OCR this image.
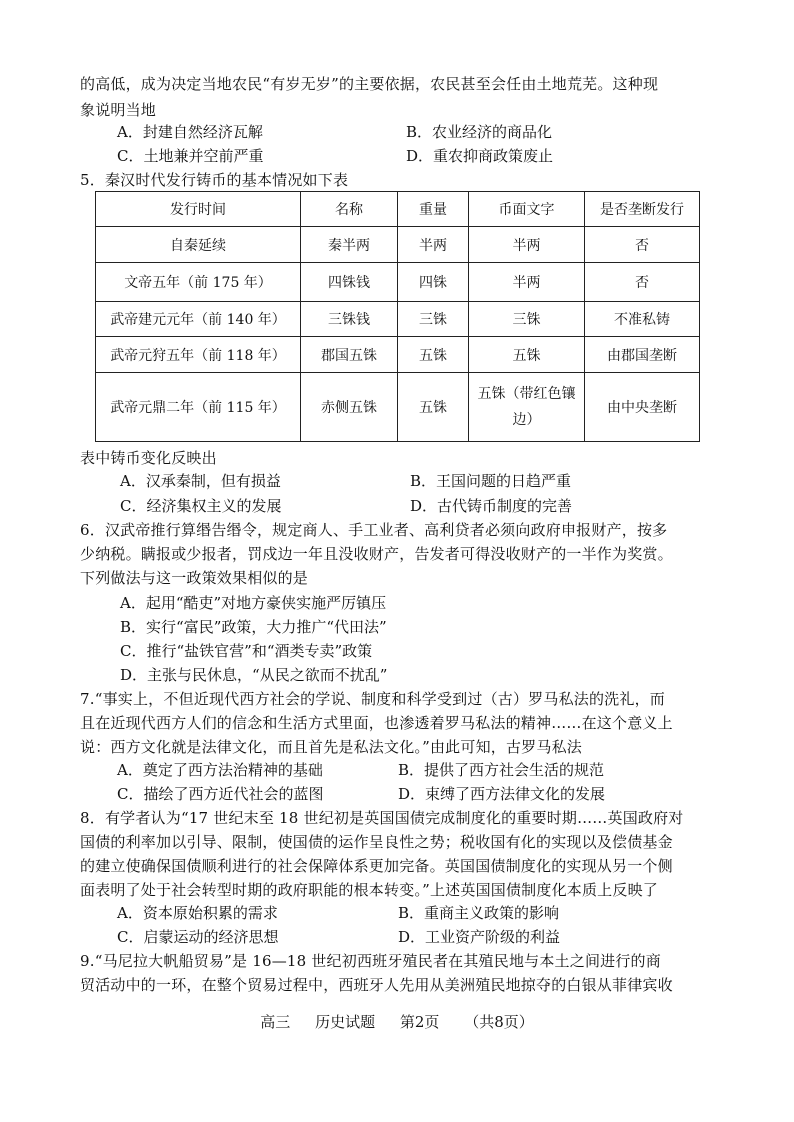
的高低，成为决定当地农民“有岁无岁”的主要依据，农民甚至会任由土地荒芜。这种现
象说明当地
A．封建自然经济瓦解	B．农业经济的商品化
C．土地兼并空前严重	D．重农抑商政策废止
5．秦汉时代发行铸币的基本情况如下表
发行时间	名称	重量	币面文字	是否垄断发行
自秦延续	秦半两	半两	半两	否
文帝五年（前 175 年）	四铢钱	四铢	半两	否
武帝建元元年（前 140 年）	三铢钱	三铢	三铢	不准私铸
武帝元狩五年（前 118 年）	郡国五铢	五铢	五铢	由郡国垄断
武帝元鼎二年（前 115 年）	赤侧五铢	五铢	五铢（带红色镶边）	由中央垄断
表中铸币变化反映出
A．汉承秦制，但有损益	B．王国问题的日趋严重
C．经济集权主义的发展	D．古代铸币制度的完善
6．汉武帝推行算缗告缗令，规定商人、手工业者、高利贷者必须向政府申报财产，按多
少纳税。瞒报或少报者，罚戍边一年且没收财产，告发者可得没收财产的一半作为奖赏。
下列做法与这一政策效果相似的是
A．起用“酷吏”对地方豪侠实施严厉镇压
B．实行“富民”政策，大力推广“代田法”
C．推行“盐铁官营”和“酒类专卖”政策
D．主张与民休息，“从民之欲而不扰乱”
7.“事实上，不但近现代西方社会的学说、制度和科学受到过（古）罗马私法的洗礼，而
且在近现代西方人们的信念和生活方式里面，也渗透着罗马私法的精神……在这个意义上
说：西方文化就是法律文化，而且首先是私法文化。”由此可知，古罗马私法
A．奠定了西方法治精神的基础	B．提供了西方社会生活的规范
C．描绘了西方近代社会的蓝图	D．束缚了西方法律文化的发展
8．有学者认为“17 世纪末至 18 世纪初是英国国债完成制度化的重要时期……英国政府对
国债的利率加以引导、限制，使国债的运作呈良性之势；税收国有化的实现以及偿债基金
的建立使确保国债顺利进行的社会保障体系更加完备。英国国债制度化的实现从另一个侧
面表明了处于社会转型时期的政府职能的根本转变。”上述英国国债制度化本质上反映了
A．资本原始积累的需求	B．重商主义政策的影响
C．启蒙运动的经济思想	D．工业资产阶级的利益
9.“马尼拉大帆船贸易”是 16—18 世纪初西班牙殖民者在其殖民地与本土之间进行的商
贸活动中的一环，在整个贸易过程中，西班牙人先用从美洲殖民地掠夺的白银从菲律宾收
高三 历史试题 第2页 （共8页）
